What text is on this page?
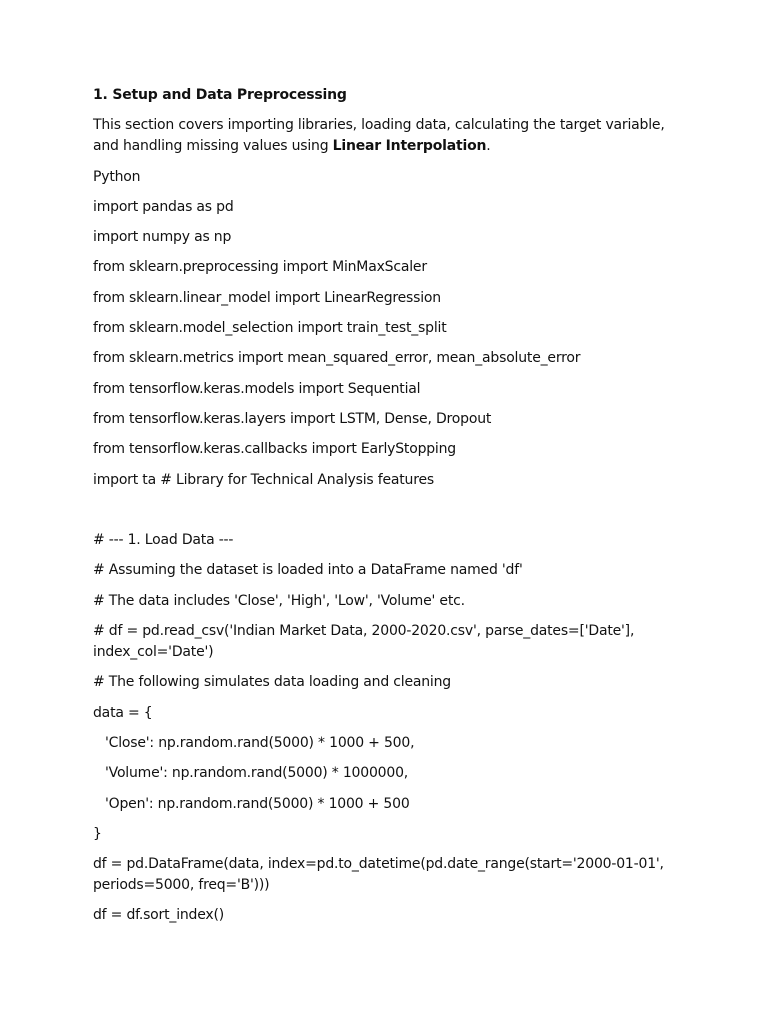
1. Setup and Data Preprocessing
This section covers importing libraries, loading data, calculating the target variable, and handling missing values using Linear Interpolation.
Python
import pandas as pd
import numpy as np
from sklearn.preprocessing import MinMaxScaler
from sklearn.linear_model import LinearRegression
from sklearn.model_selection import train_test_split
from sklearn.metrics import mean_squared_error, mean_absolute_error
from tensorflow.keras.models import Sequential
from tensorflow.keras.layers import LSTM, Dense, Dropout
from tensorflow.keras.callbacks import EarlyStopping
import ta # Library for Technical Analysis features
# --- 1. Load Data ---
# Assuming the dataset is loaded into a DataFrame named 'df'
# The data includes 'Close', 'High', 'Low', 'Volume' etc.
# df = pd.read_csv('Indian Market Data, 2000-2020.csv', parse_dates=['Date'], index_col='Date')
# The following simulates data loading and cleaning
data = {
'Close': np.random.rand(5000) * 1000 + 500,
'Volume': np.random.rand(5000) * 1000000,
'Open': np.random.rand(5000) * 1000 + 500
}
df = pd.DataFrame(data, index=pd.to_datetime(pd.date_range(start='2000-01-01', periods=5000, freq='B')))
df = df.sort_index()
